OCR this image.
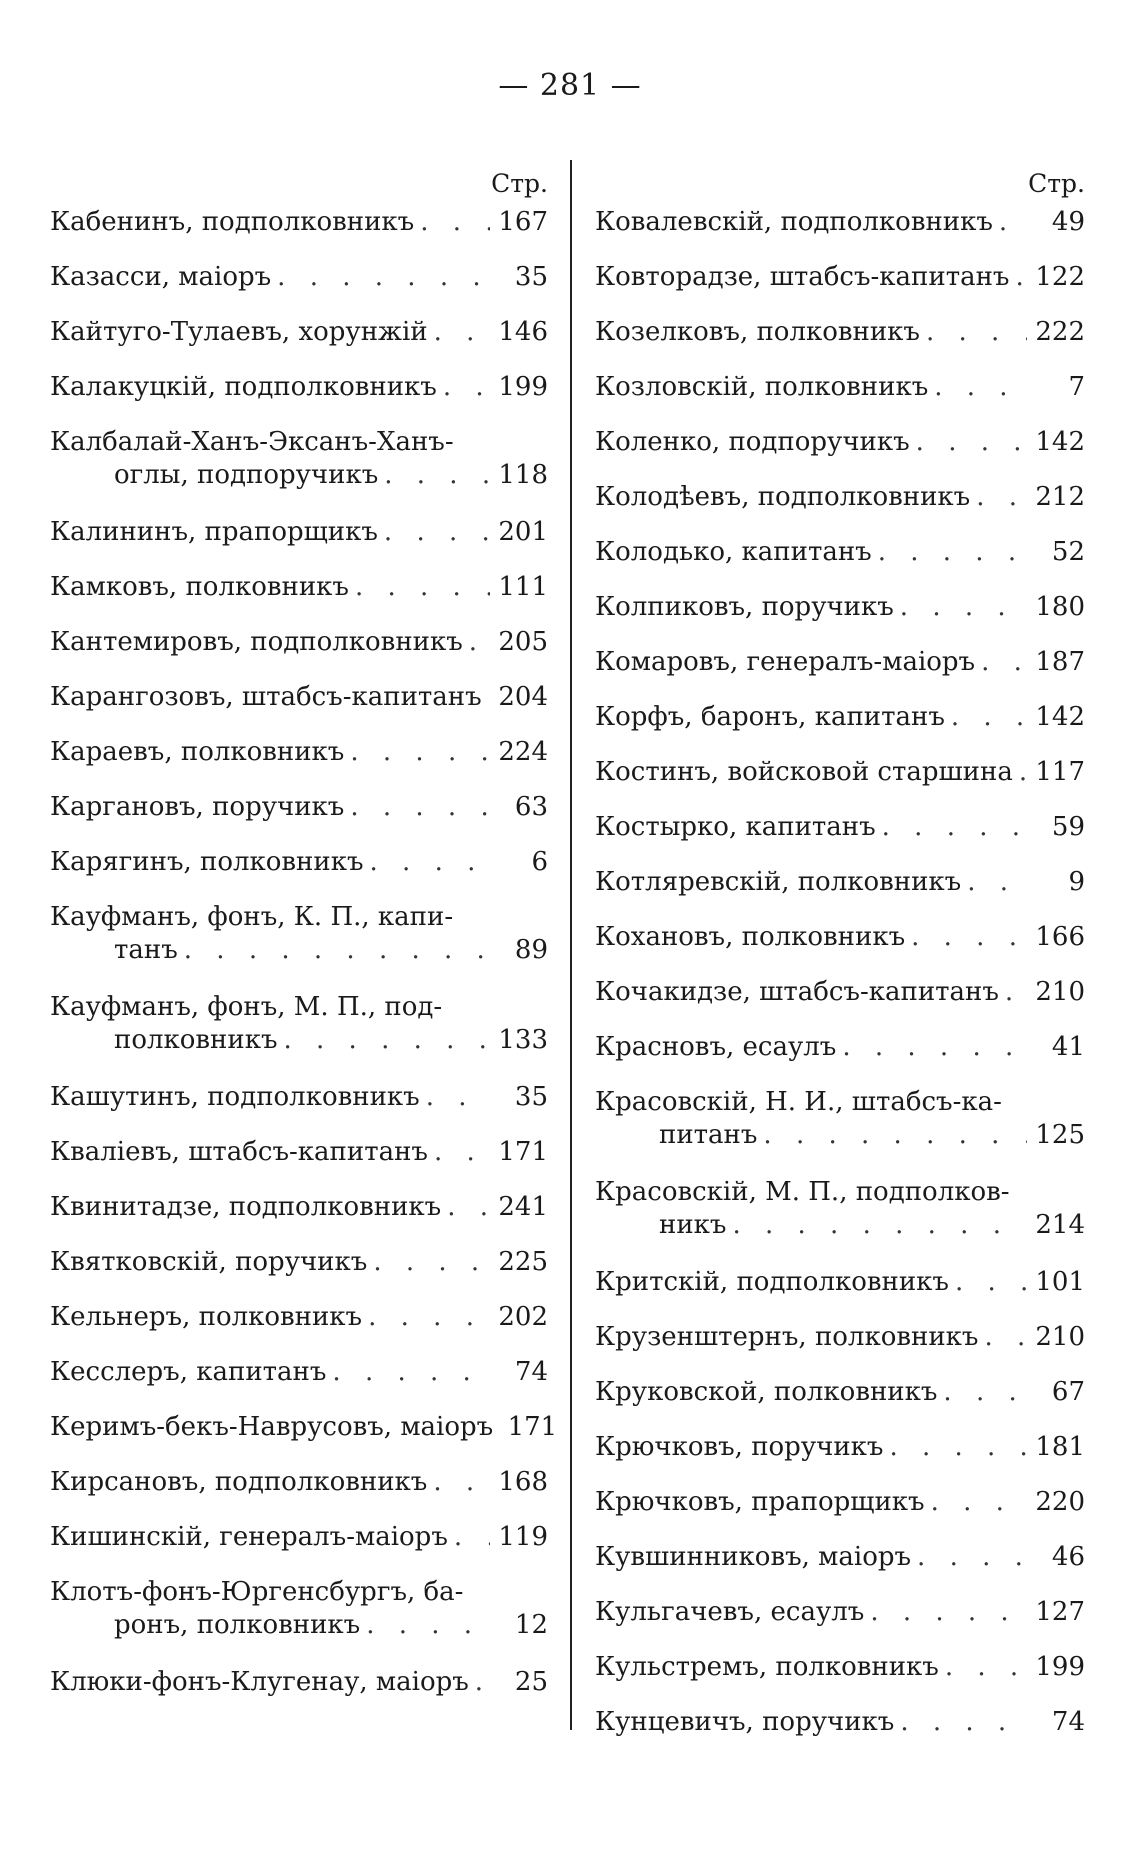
— 281 —
Стр.
Кабенинъ, подполковникъ . . .	167
Казасси, маіоръ . . .	35
Кайтуго-Тулаевъ, хорунжій . . .	146
Калакуцкій, подполковникъ . . . 199
Калбалай-Ханъ-Эксанъ-Ханъ-
оглы, подпоручикъ . . .	118
Калининъ, прапорщикъ . . .	201
Камковъ, полковникъ . . .	111
Кантемировъ, подполковникъ . . . 205
Карангозовъ, штабсъ-капитанъ . . . 204
Караевъ, полковникъ . . .	224
Каргановъ, поручикъ . . .	63
Карягинъ, полковникъ . . .	6
Кауфманъ, фонъ, К. П., капи-
танъ . . .	89
Кауфманъ, фонъ, М. П., под-
полковникъ . . .	133
Кашутинъ, подполковникъ . . .	35
Кваліевъ, штабсъ-капитанъ . . .	171
Квинитадзе, подполковникъ . . . 241
Квятковскій, поручикъ . . .	225
Кельнеръ, полковникъ . . .	202
Кесслеръ, капитанъ . . .	74
Керимъ-бекъ-Наврусовъ, маіоръ 171
Кирсановъ, подполковникъ . . .	168
Кишинскій, генералъ-маіоръ . . . 119
Клотъ-фонъ-Юргенсбургъ, ба-
ронъ, полковникъ . . .	12
Клюки-фонъ-Клугенау, маіоръ . . .	25
Стр.
Ковалевскій, подполковникъ . . .	49
Ковторадзе, штабсъ-капитанъ . . . 122
Козелковъ, полковникъ . . .	222
Козловскій, полковникъ . . .	7
Коленко, подпоручикъ . . .	142
Колодѣевъ, подполковникъ . . .	212
Колодько, капитанъ . . .	52
Колпиковъ, поручикъ . . .	180
Комаровъ, генералъ-маіоръ . . . 187
Корфъ, баронъ, капитанъ . . .	142
Костинъ, войсковой старшина . . . 117
Костырко, капитанъ . . .	59
Котляревскій, полковникъ . . .	9
Кохановъ, полковникъ . . .	166
Кочакидзе, штабсъ-капитанъ . . . 210
Красновъ, есаулъ . . .	41
Красовскій, Н. И., штабсъ-ка-
питанъ . . .	125
Красовскій, М. П., подполков-
никъ . . .	214
Критскій, подполковникъ . . .	101
Крузенштернъ, полковникъ . . . 210
Круковской, полковникъ . . .	67
Крючковъ, поручикъ . . .	181
Крючковъ, прапорщикъ . . .	220
Кувшинниковъ, маіоръ . . .	46
Кульгачевъ, есаулъ . . .	127
Кульстремъ, полковникъ . . .	199
Кунцевичъ, поручикъ . . .	74
